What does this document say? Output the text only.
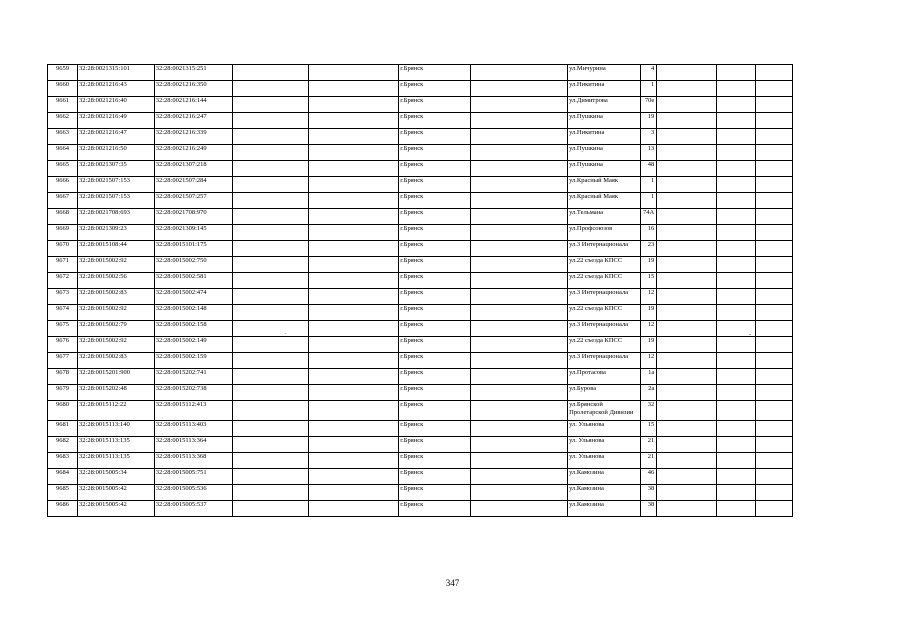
9659	32:28:0021315:101	32:28:0021315:251			г.Брянск		ул.Мичурина	4			
9660	32:28:0021216:43	32:28:0021216:350			г.Брянск		ул.Никитина	1			
9661	32:28:0021216:40	32:28:0021216:144			г.Брянск		ул.Димитрова	70е			
9662	32:28:0021216:49	32:28:0021216:247			г.Брянск		ул.Пушкина	19			
9663	32:28:0021216:47	32:28:0021216:339			г.Брянск		ул.Никитина	3			
9664	32:28:0021216:50	32:28:0021216:249			г.Брянск		ул.Пушкина	13			
9665	32:28:0021307:35	32:28:0021307:218			г.Брянск		ул.Пушкина	48			
9666	32:28:0021507:153	32:28:0021507:284			г.Брянск		ул.Красный Маяк	1			
9667	32:28:0021507:153	32:28:0021507:257			г.Брянск		ул.Красный Маяк	1			
9668	32:28:0021708:693	32:28:0021708:970			г.Брянск		ул.Тельмана	74А			
9669	32:28:0021309:23	32:28:0021309:145			г.Брянск		ул.Профсоюзов	16			
9670	32:28:0015108:44	32:28:0015101:175			г.Брянск		ул.3 Интернационала	23			
9671	32:28:0015002:92	32:28:0015002:750			г.Брянск		ул.22 съезда КПСС	19			
9672	32:28:0015002:56	32:28:0015002:581			г.Брянск		ул.22 съезда КПСС	15			
9673	32:28:0015002:83	32:28:0015002:474			г.Брянск		ул.3 Интернационала	12			
9674	32:28:0015002:92	32:28:0015002:148			г.Брянск		ул.22 съезда КПСС	19			
9675	32:28:0015002:79	32:28:0015002:158			г.Брянск		ул.3 Интернационала	12			
9676	32:28:0015002:92	32:28:0015002:149			г.Брянск		ул.22 съезда КПСС	19			
9677	32:28:0015002:83	32:28:0015002:159			г.Брянск		ул.3 Интернационала	12			
9678	32:28:0015201:900	32:28:0015202:741			г.Брянск		ул.Протасова	1а			
9679	32:28:0015202:48	32:28:0015202:738			г.Брянск		ул.Бурова	2а			
9680	32:28:0015112:22	32:28:0015112:413			г.Брянск		ул.Брянской Пролетарской Дивизии	32			
9681	32:28:0015113:140	32:28:0015113:403			г.Брянск		ул. Ульянова	15			
9682	32:28:0015113:135	32:28:0015113:364			г.Брянск		ул. Ульянова	21			
9683	32:28:0015113:135	32:28:0015113:368			г.Брянск		ул. Ульянова	21			
9684	32:28:0015005:34	32:28:0015005:751			г.Брянск		ул.Камозина	46			
9685	32:28:0015005:42	32:28:0015005:536			г.Брянск		ул.Камозина	38			
9686	32:28:0015005:42	32:28:0015005:537			г.Брянск		ул.Камозина	38			
347
·	-
